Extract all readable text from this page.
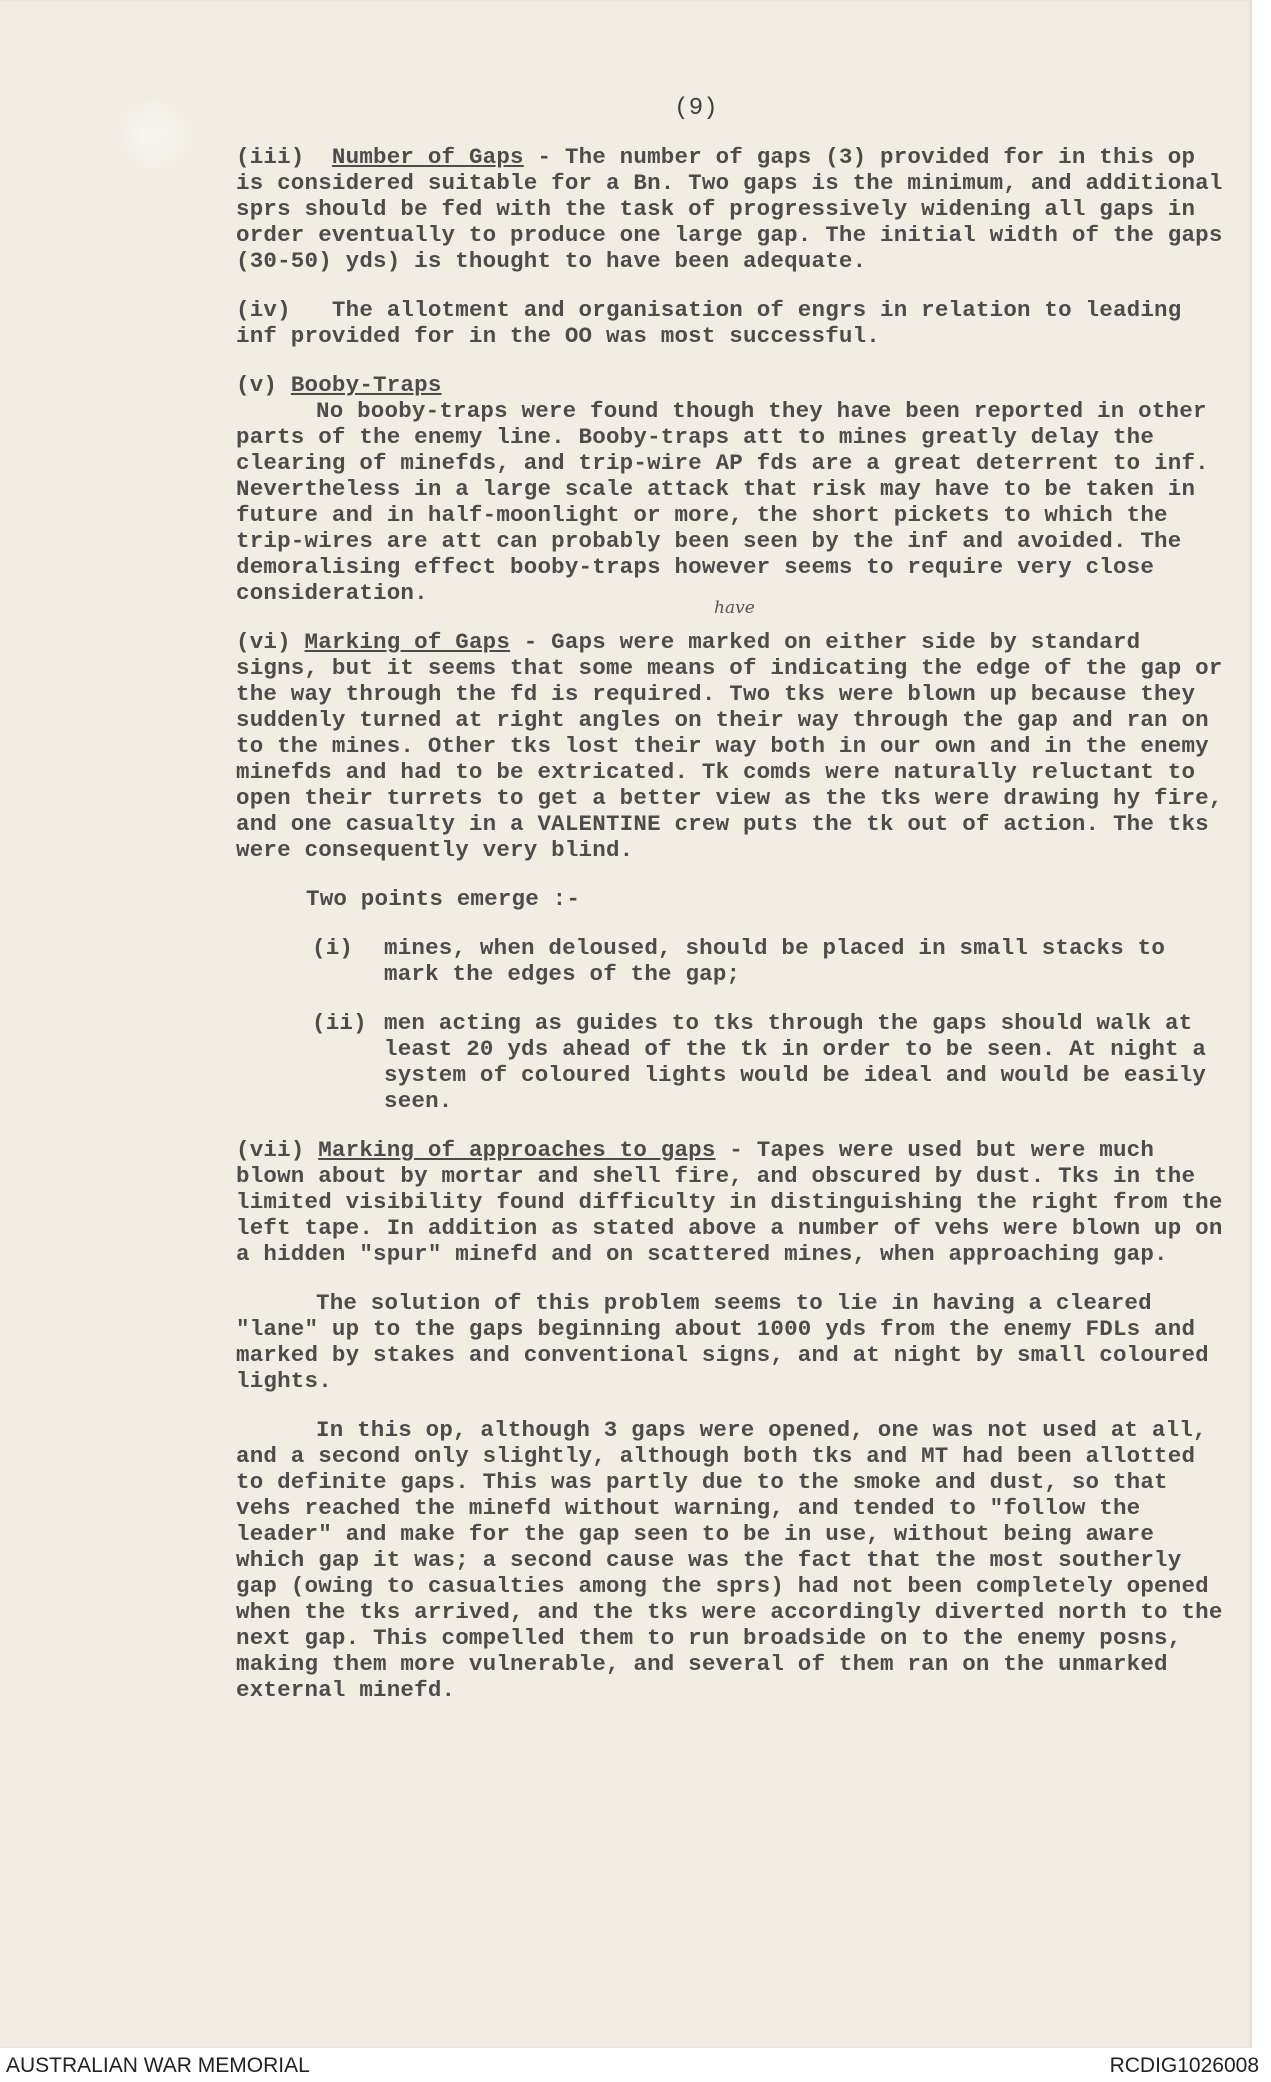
(9)

(iii) Number of Gaps - The number of gaps (3) provided for in this op is considered suitable for a Bn. Two gaps is the minimum, and additional sprs should be fed with the task of progressively widening all gaps in order eventually to produce one large gap. The initial width of the gaps (30-50) yds) is thought to have been adequate.

(iv) The allotment and organisation of engrs in relation to leading inf provided for in the OO was most successful.

(v) Booby-Traps
No booby-traps were found though they have been reported in other parts of the enemy line. Booby-traps att to mines greatly delay the clearing of minefds, and trip-wire AP fds are a great deterrent to inf. Nevertheless in a large scale attack that risk may have to be taken in future and in half-moonlight or more, the short pickets to which the trip-wires are att can probably been seen by the inf and avoided. The demoralising effect booby-traps however seems to require very close consideration.

(vi) Marking of Gaps - Gaps were marked on either side by standard signs, but it seems that some means of indicating the edge of the gap or the way through the fd is required. Two tks were blown up because they suddenly turned at right angles on their way through the gap and ran on to the mines. Other tks lost their way both in our own and in the enemy minefds and had to be extricated. Tk comds were naturally reluctant to open their turrets to get a better view as the tks were drawing hy fire, and one casualty in a VALENTINE crew puts the tk out of action. The tks were consequently very blind.

Two points emerge :-

(i)	mines, when deloused, should be placed in small stacks to mark the edges of the gap;
(ii) men acting as guides to tks through the gaps should walk at least 20 yds ahead of the tk in order to be seen. At night a system of coloured lights would be ideal and would be easily seen.

(vii) Marking of approaches to gaps - Tapes were used but were much blown about by mortar and shell fire, and obscured by dust. Tks in the limited visibility found difficulty in distinguishing the right from the left tape. In addition as stated above a number of vehs were blown up on a hidden "spur" minefd and on scattered mines, when approaching gap.

The solution of this problem seems to lie in having a cleared "lane" up to the gaps beginning about 1000 yds from the enemy FDLs and marked by stakes and conventional signs, and at night by small coloured lights.

In this op, although 3 gaps were opened, one was not used at all, and a second only slightly, although both tks and MT had been allotted to definite gaps. This was partly due to the smoke and dust, so that vehs reached the minefd without warning, and tended to "follow the leader" and make for the gap seen to be in use, without being aware which gap it was; a second cause was the fact that the most southerly gap (owing to casualties among the sprs) had not been completely opened when the tks arrived, and the tks were accordingly diverted north to the next gap. This compelled them to run broadside on to the enemy posns, making them more vulnerable, and several of them ran on the unmarked external minefd.

have
AUSTRALIAN WAR MEMORIAL	RCDIG1026008
